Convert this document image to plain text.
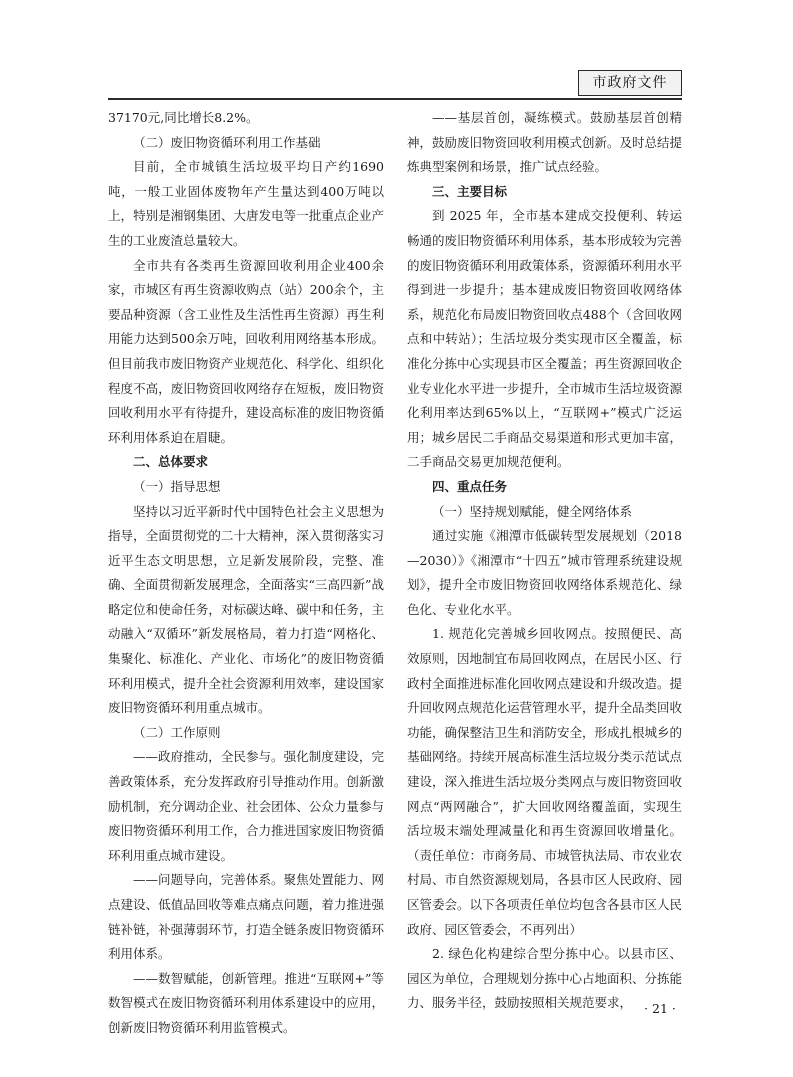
市政府文件

37170元,同比增长8.2%。

（二）废旧物资循环利用工作基础

目前，全市城镇生活垃圾平均日产约1690吨，一般工业固体废物年产生量达到400万吨以上，特别是湘钢集团、大唐发电等一批重点企业产生的工业废渣总量较大。

全市共有各类再生资源回收利用企业400余家，市城区有再生资源收购点（站）200余个，主要品种资源（含工业性及生活性再生资源）再生利用能力达到500余万吨，回收利用网络基本形成。但目前我市废旧物资产业规范化、科学化、组织化程度不高，废旧物资回收网络存在短板，废旧物资回收利用水平有待提升，建设高标准的废旧物资循环利用体系迫在眉睫。

二、总体要求

（一）指导思想

坚持以习近平新时代中国特色社会主义思想为指导，全面贯彻党的二十大精神，深入贯彻落实习近平生态文明思想，立足新发展阶段，完整、准确、全面贯彻新发展理念，全面落实“三高四新”战略定位和使命任务，对标碳达峰、碳中和任务，主动融入“双循环”新发展格局，着力打造“网格化、集聚化、标准化、产业化、市场化”的废旧物资循环利用模式，提升全社会资源利用效率，建设国家废旧物资循环利用重点城市。

（二）工作原则

——政府推动，全民参与。强化制度建设，完善政策体系，充分发挥政府引导推动作用。创新激励机制，充分调动企业、社会团体、公众力量参与废旧物资循环利用工作，合力推进国家废旧物资循环利用重点城市建设。

——问题导向，完善体系。聚焦处置能力、网点建设、低值品回收等难点痛点问题，着力推进强链补链，补强薄弱环节，打造全链条废旧物资循环利用体系。

——数智赋能，创新管理。推进“互联网+”等数智模式在废旧物资循环利用体系建设中的应用，创新废旧物资循环利用监管模式。

——基层首创，凝练模式。鼓励基层首创精神，鼓励废旧物资回收利用模式创新。及时总结提炼典型案例和场景，推广试点经验。

三、主要目标

到 2025 年，全市基本建成交投便利、转运畅通的废旧物资循环利用体系，基本形成较为完善的废旧物资循环利用政策体系，资源循环利用水平得到进一步提升；基本建成废旧物资回收网络体系，规范化布局废旧物资回收点488个（含回收网点和中转站）；生活垃圾分类实现市区全覆盖，标准化分拣中心实现县市区全覆盖；再生资源回收企业专业化水平进一步提升，全市城市生活垃圾资源化利用率达到65%以上，“互联网+”模式广泛运用；城乡居民二手商品交易渠道和形式更加丰富，二手商品交易更加规范便利。

四、重点任务

（一）坚持规划赋能，健全网络体系

通过实施《湘潭市低碳转型发展规划（2018—2030）》《湘潭市“十四五”城市管理系统建设规划》，提升全市废旧物资回收网络体系规范化、绿色化、专业化水平。

1. 规范化完善城乡回收网点。按照便民、高效原则，因地制宜布局回收网点，在居民小区、行政村全面推进标准化回收网点建设和升级改造。提升回收网点规范化运营管理水平，提升全品类回收功能，确保整洁卫生和消防安全，形成扎根城乡的基础网络。持续开展高标准生活垃圾分类示范试点建设，深入推进生活垃圾分类网点与废旧物资回收网点“两网融合”，扩大回收网络覆盖面，实现生活垃圾末端处理减量化和再生资源回收增量化。（责任单位：市商务局、市城管执法局、市农业农村局、市自然资源规划局，各县市区人民政府、园区管委会。以下各项责任单位均包含各县市区人民政府、园区管委会，不再列出）

2. 绿色化构建综合型分拣中心。以县市区、园区为单位，合理规划分拣中心占地面积、分拣能力、服务半径，鼓励按照相关规范要求， · 21 ·
